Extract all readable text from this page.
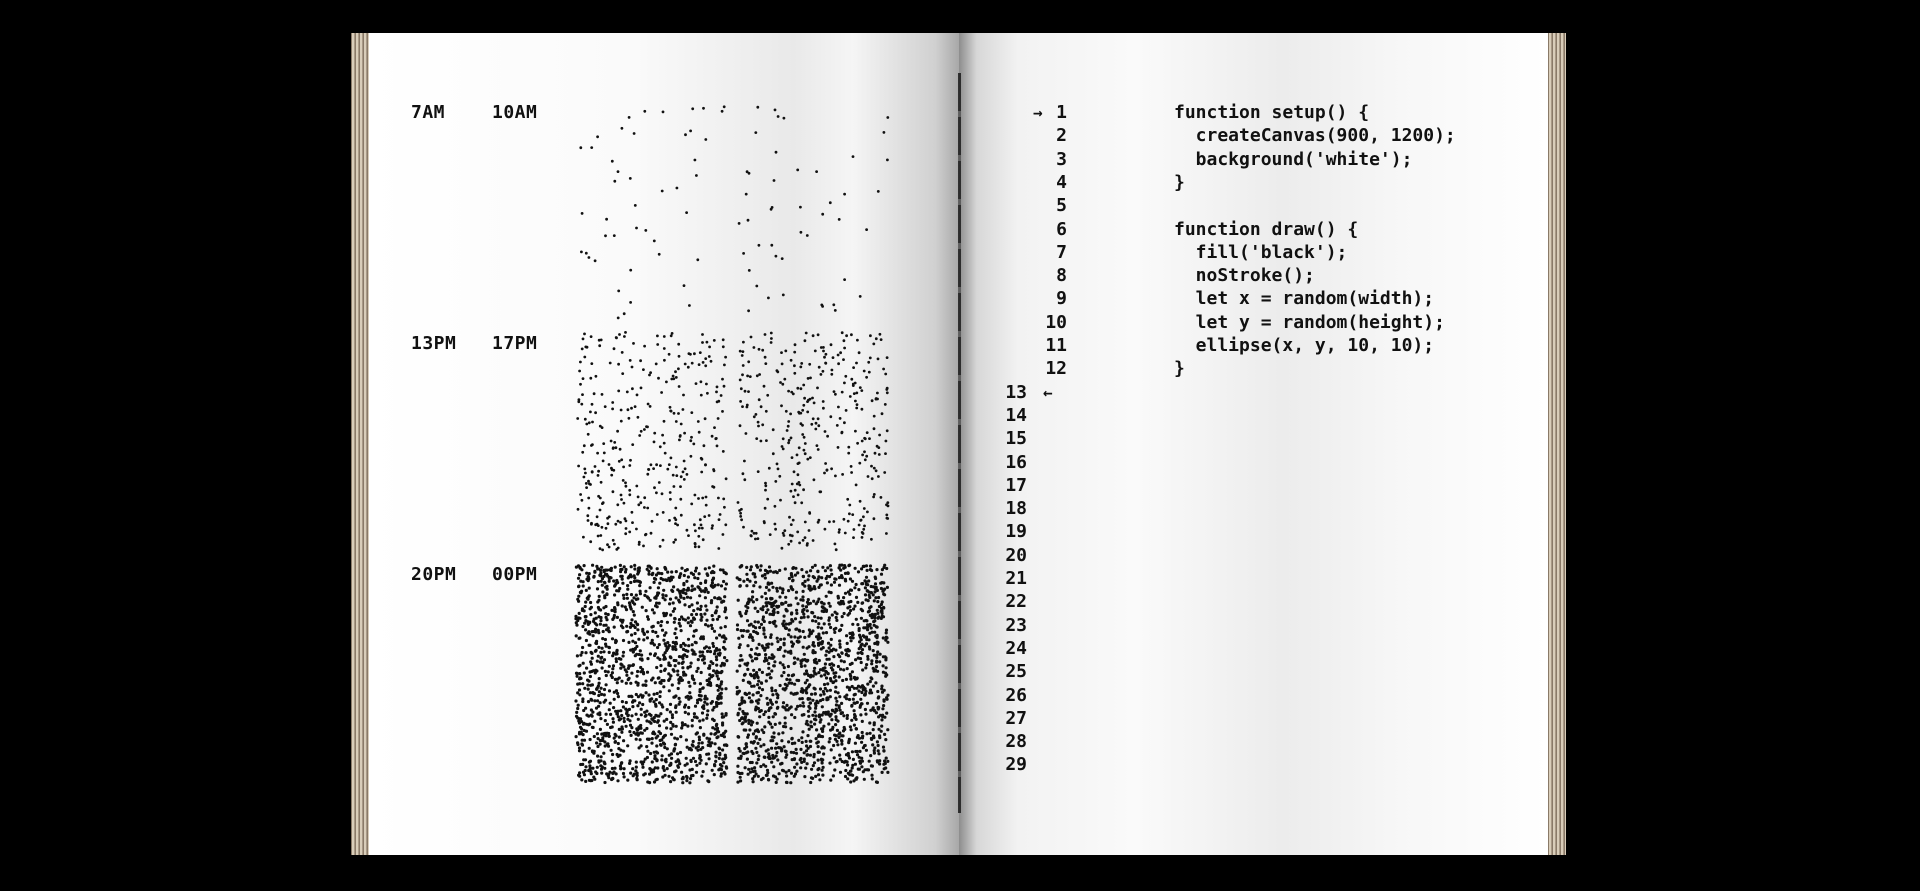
7AM	10AM
13PM 17PM
20PM 00PM
1
2
3
4
5
6
7
8
9
10
11
12
13
14
15
16
17
18
19
20
21
22
23
24
25
26
27
28
29
→
←
function setup() {
createCanvas(900, 1200);
background('white');
}
function draw() {
fill('black');
noStroke();
let x = random(width);
let y = random(height);
ellipse(x, y, 10, 10);
}
